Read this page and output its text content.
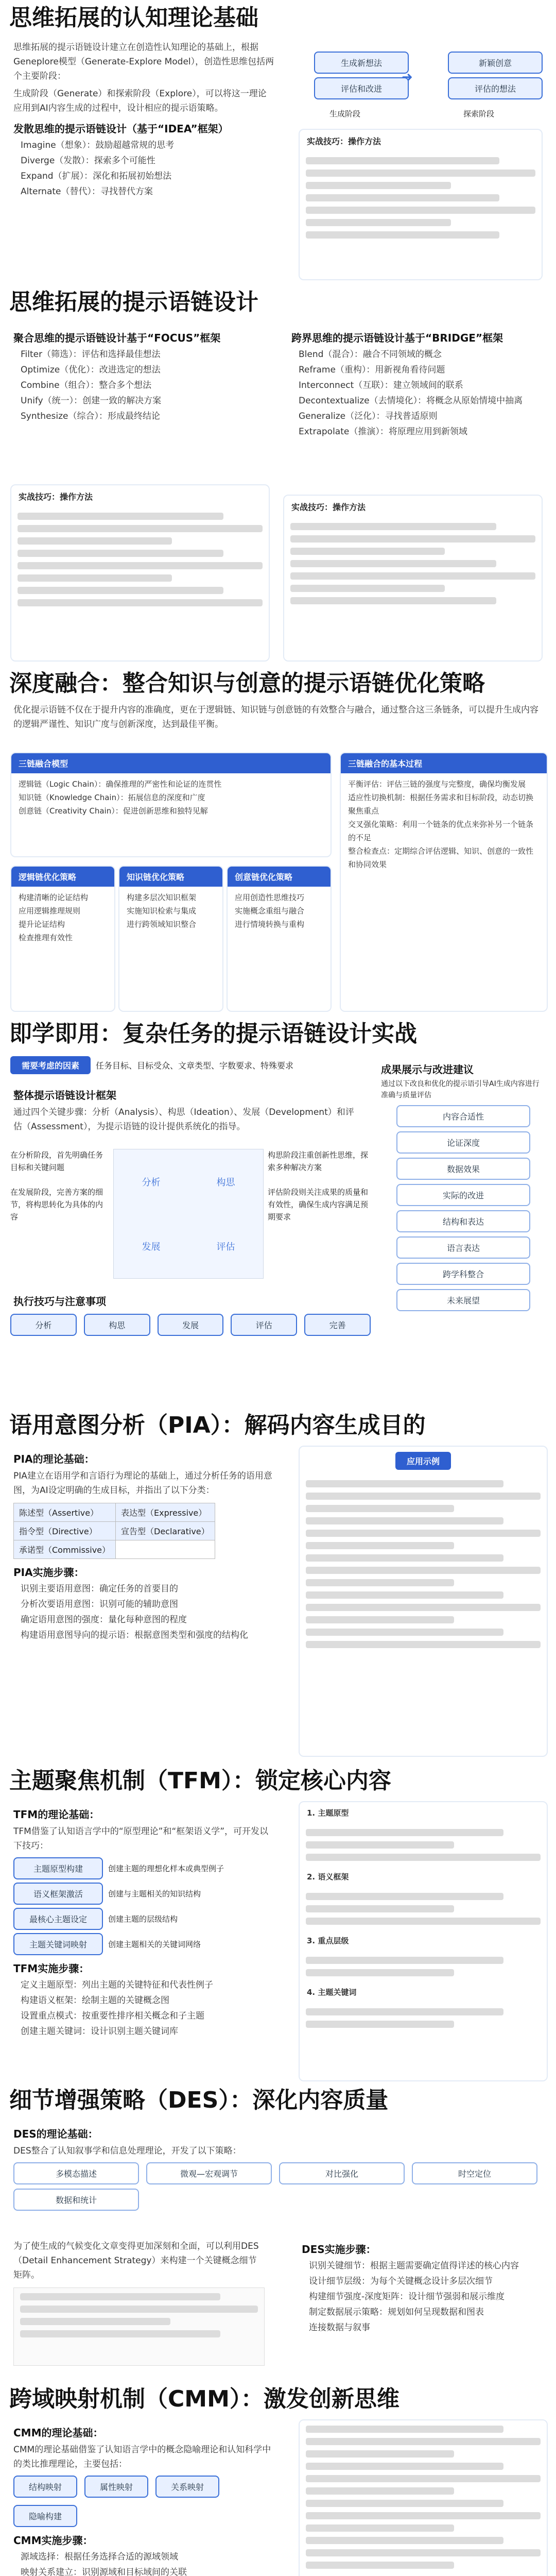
思维拓展的认知理论基础
思维拓展的提示语链设计建立在创造性认知理论的基础上，根据Geneplore模型（Generate-Explore Model），创造性思维包括两个主要阶段：
生成阶段（Generate）和探索阶段（Explore），可以将这一理论应用到AI内容生成的过程中，设计相应的提示语策略。
发散思维的提示语链设计（基于“IDEA”框架）
Imagine（想象）：鼓励超越常规的思考
Diverge（发散）：探索多个可能性
Expand（扩展）：深化和拓展初始想法
Alternate（替代）：寻找替代方案
生成新想法
评估和改进
新颖创意
评估的想法
➜
生成阶段	探索阶段
实战技巧：操作方法
思维拓展的提示语链设计
聚合思维的提示语链设计基于“FOCUS”框架
Filter（筛选）：评估和选择最佳想法
Optimize（优化）：改进选定的想法
Combine（组合）：整合多个想法
Unify（统一）：创建一致的解决方案
Synthesize（综合）：形成最终结论
跨界思维的提示语链设计基于“BRIDGE”框架
Blend（混合）：融合不同领域的概念
Reframe（重构）：用新视角看待问题
Interconnect（互联）：建立领域间的联系
Decontextualize（去情境化）：将概念从原始情境中抽离
Generalize（泛化）：寻找普适原则
Extrapolate（推演）：将原理应用到新领域
实战技巧：操作方法
实战技巧：操作方法
深度融合：整合知识与创意的提示语链优化策略
优化提示语链不仅在于提升内容的准确度，更在于逻辑链、知识链与创意链的有效整合与融合，通过整合这三条链条，可以提升生成内容的逻辑严谨性、知识广度与创新深度，达到最佳平衡。
三链融合模型
逻辑链（Logic Chain）：确保推理的严密性和论证的连贯性
知识链（Knowledge Chain）：拓展信息的深度和广度
创意链（Creativity Chain）：促进创新思维和独特见解
三链融合的基本过程
平衡评估：评估三链的强度与完整度，确保均衡发展
适应性切换机制：根据任务需求和目标阶段，动态切换聚焦重点
交叉强化策略：利用一个链条的优点来弥补另一个链条的不足
整合检查点：定期综合评估逻辑、知识、创意的一致性和协同效果
逻辑链优化策略
构建清晰的论证结构
应用逻辑推理规则
提升论证结构
检查推理有效性
知识链优化策略
构建多层次知识框架
实施知识检索与集成
进行跨领域知识整合
创意链优化策略
应用创造性思维技巧
实施概念重组与融合
进行情境转换与重构
即学即用：复杂任务的提示语链设计实战
需要考虑的因素	任务目标、目标受众、文章类型、字数要求、特殊要求
整体提示语链设计框架
通过四个关键步骤：分析（Analysis）、构思（Ideation）、发展（Development）和评估（Assessment），为提示语链的设计提供系统化的指导。
在分析阶段，首先明确任务目标和关键问题

在发展阶段，完善方案的细节，将构思转化为具体的内容
分析	构思
发展	评估
构思阶段注重创新性思维，探索多种解决方案

评估阶段则关注成果的质量和有效性，确保生成内容满足预期要求
执行技巧与注意事项
分析	构思	发展	评估	完善
成果展示与改进建议
通过以下改良和优化的提示语引导AI生成内容进行准确与质量评估
内容合适性
论证深度
数据效果
实际的改进
结构和表达
语言表达
跨学科整合
未来展望
语用意图分析（PIA）：解码内容生成目的
PIA的理论基础：
PIA建立在语用学和言语行为理论的基础上，通过分析任务的语用意图，为AI设定明确的生成目标，并指出了以下分类：
陈述型（Assertive）	表达型（Expressive）
指令型（Directive）	宣告型（Declarative）
承诺型（Commissive）	
PIA实施步骤：
识别主要语用意图：确定任务的首要目的
分析次要语用意图：识别可能的辅助意图
确定语用意图的强度：量化每种意图的程度
构建语用意图导向的提示语：根据意图类型和强度的结构化
应用示例
主题聚焦机制（TFM）：锁定核心内容
TFM的理论基础：
TFM借鉴了认知语言学中的“原型理论”和“框架语义学”，可开发以下技巧：
主题原型构建	创建主题的理想化样本或典型例子
语义框架激活	创建与主题相关的知识结构
最核心主题设定	创建主题的层级结构
主题关键词映射	创建主题相关的关键词网络
TFM实施步骤：
定义主题原型：列出主题的关键特征和代表性例子
构建语义框架：绘制主题的关键概念图
设置重点模式：按重要性排序相关概念和子主题
创建主题关键词：设计识别主题关键词库
1. 主题原型
2. 语义框架
3. 重点层级
4. 主题关键词
细节增强策略（DES）：深化内容质量
DES的理论基础：
DES整合了认知叙事学和信息处理理论，开发了以下策略：
多模态描述	微观—宏观调节	对比强化	时空定位
数据和统计
为了使生成的气候变化文章变得更加深刻和全面，可以利用DES（Detail Enhancement Strategy）来构建一个关键概念细节矩阵。
DES实施步骤：
识别关键细节：根据主题需要确定值得详述的核心内容
设计细节层级：为每个关键概念设计多层次细节
构建细节强度-深度矩阵：设计细节强弱和展示维度
制定数据展示策略：规划如何呈现数据和图表
连接数据与叙事
跨域映射机制（CMM）：激发创新思维
CMM的理论基础：
CMM的理论基础借鉴了认知语言学中的概念隐喻理论和认知科学中的类比推理理论，主要包括：
结构映射	属性映射	关系映射
隐喻构建
CMM实施步骤：
源域选择：根据任务选择合适的源域领域
映射关系建立：识别源域和目标域间的关联
